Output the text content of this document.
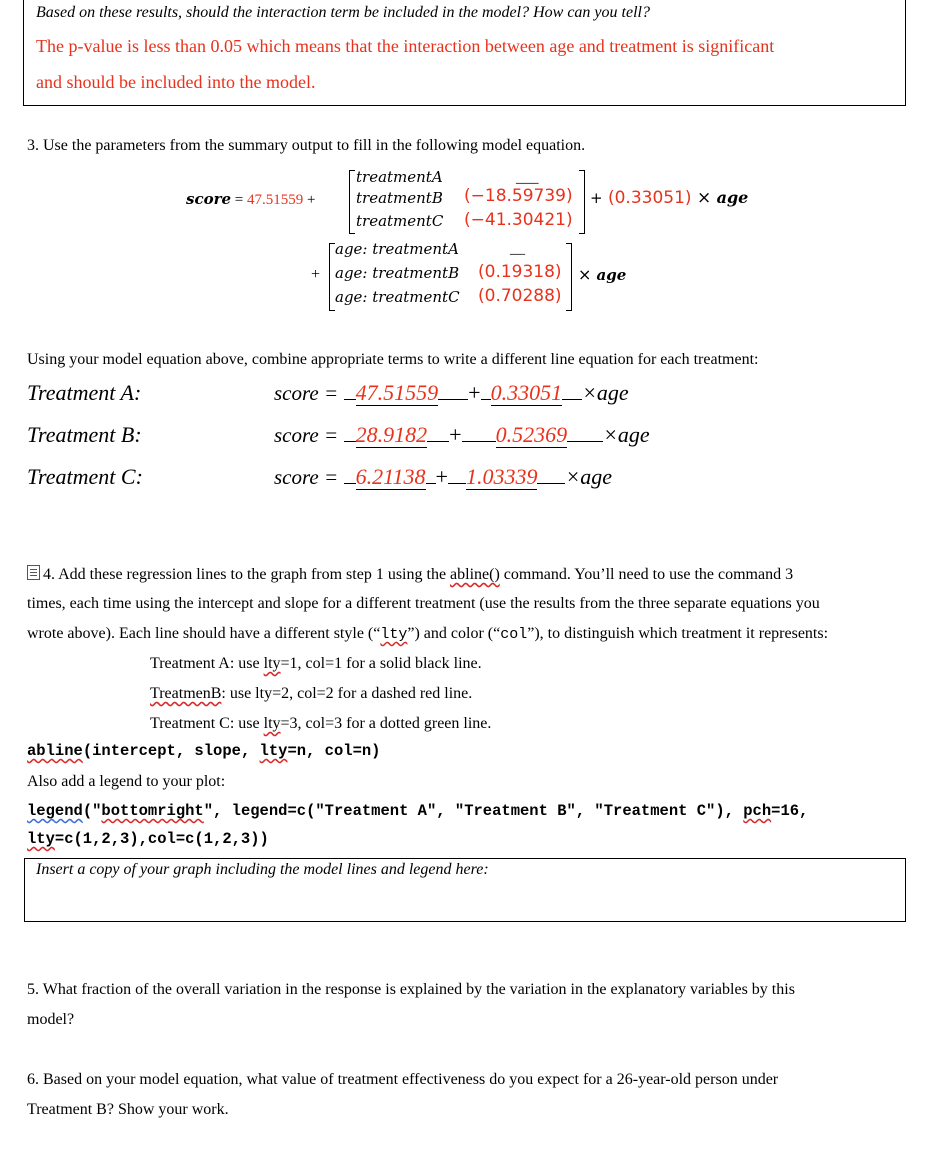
Based on these results, should the interaction term be included in the model? How can you tell?
The p-value is less than 0.05 which means that the interaction between age and treatment is significant
and should be included into the model.
3. Use the parameters from the summary output to fill in the following model equation.
score = 47.51559 +
treatmentA	___
treatmentB (−18.59739)
treatmentC (−41.30421)
+ (0.33051) × age
+
age: treatmentA	__
age: treatmentB (0.19318)
age: treatmentC (0.70288)
× age
Using your model equation above, combine appropriate terms to write a different line equation for each treatment:
Treatment A:	score = 47.51559 + 0.33051 ×age
Treatment B:	score = 28.9182 + 0.52369 ×age
Treatment C:	score = 6.21138 + 1.03339 ×age
4. Add these regression lines to the graph from step 1 using the abline() command. You’ll need to use the command 3
times, each time using the intercept and slope for a different treatment (use the results from the three separate equations you
wrote above). Each line should have a different style (“lty”) and color (“col”), to distinguish which treatment it represents:
Treatment A: use lty=1, col=1 for a solid black line.
TreatmenB: use lty=2, col=2 for a dashed red line.
Treatment C: use lty=3, col=3 for a dotted green line.
abline(intercept, slope, lty=n, col=n)
Also add a legend to your plot:
legend("bottomright", legend=c("Treatment A", "Treatment B", "Treatment C"), pch=16,
lty=c(1,2,3),col=c(1,2,3))
Insert a copy of your graph including the model lines and legend here:
5. What fraction of the overall variation in the response is explained by the variation in the explanatory variables by this
model?
6. Based on your model equation, what value of treatment effectiveness do you expect for a 26-year-old person under
Treatment B? Show your work.
